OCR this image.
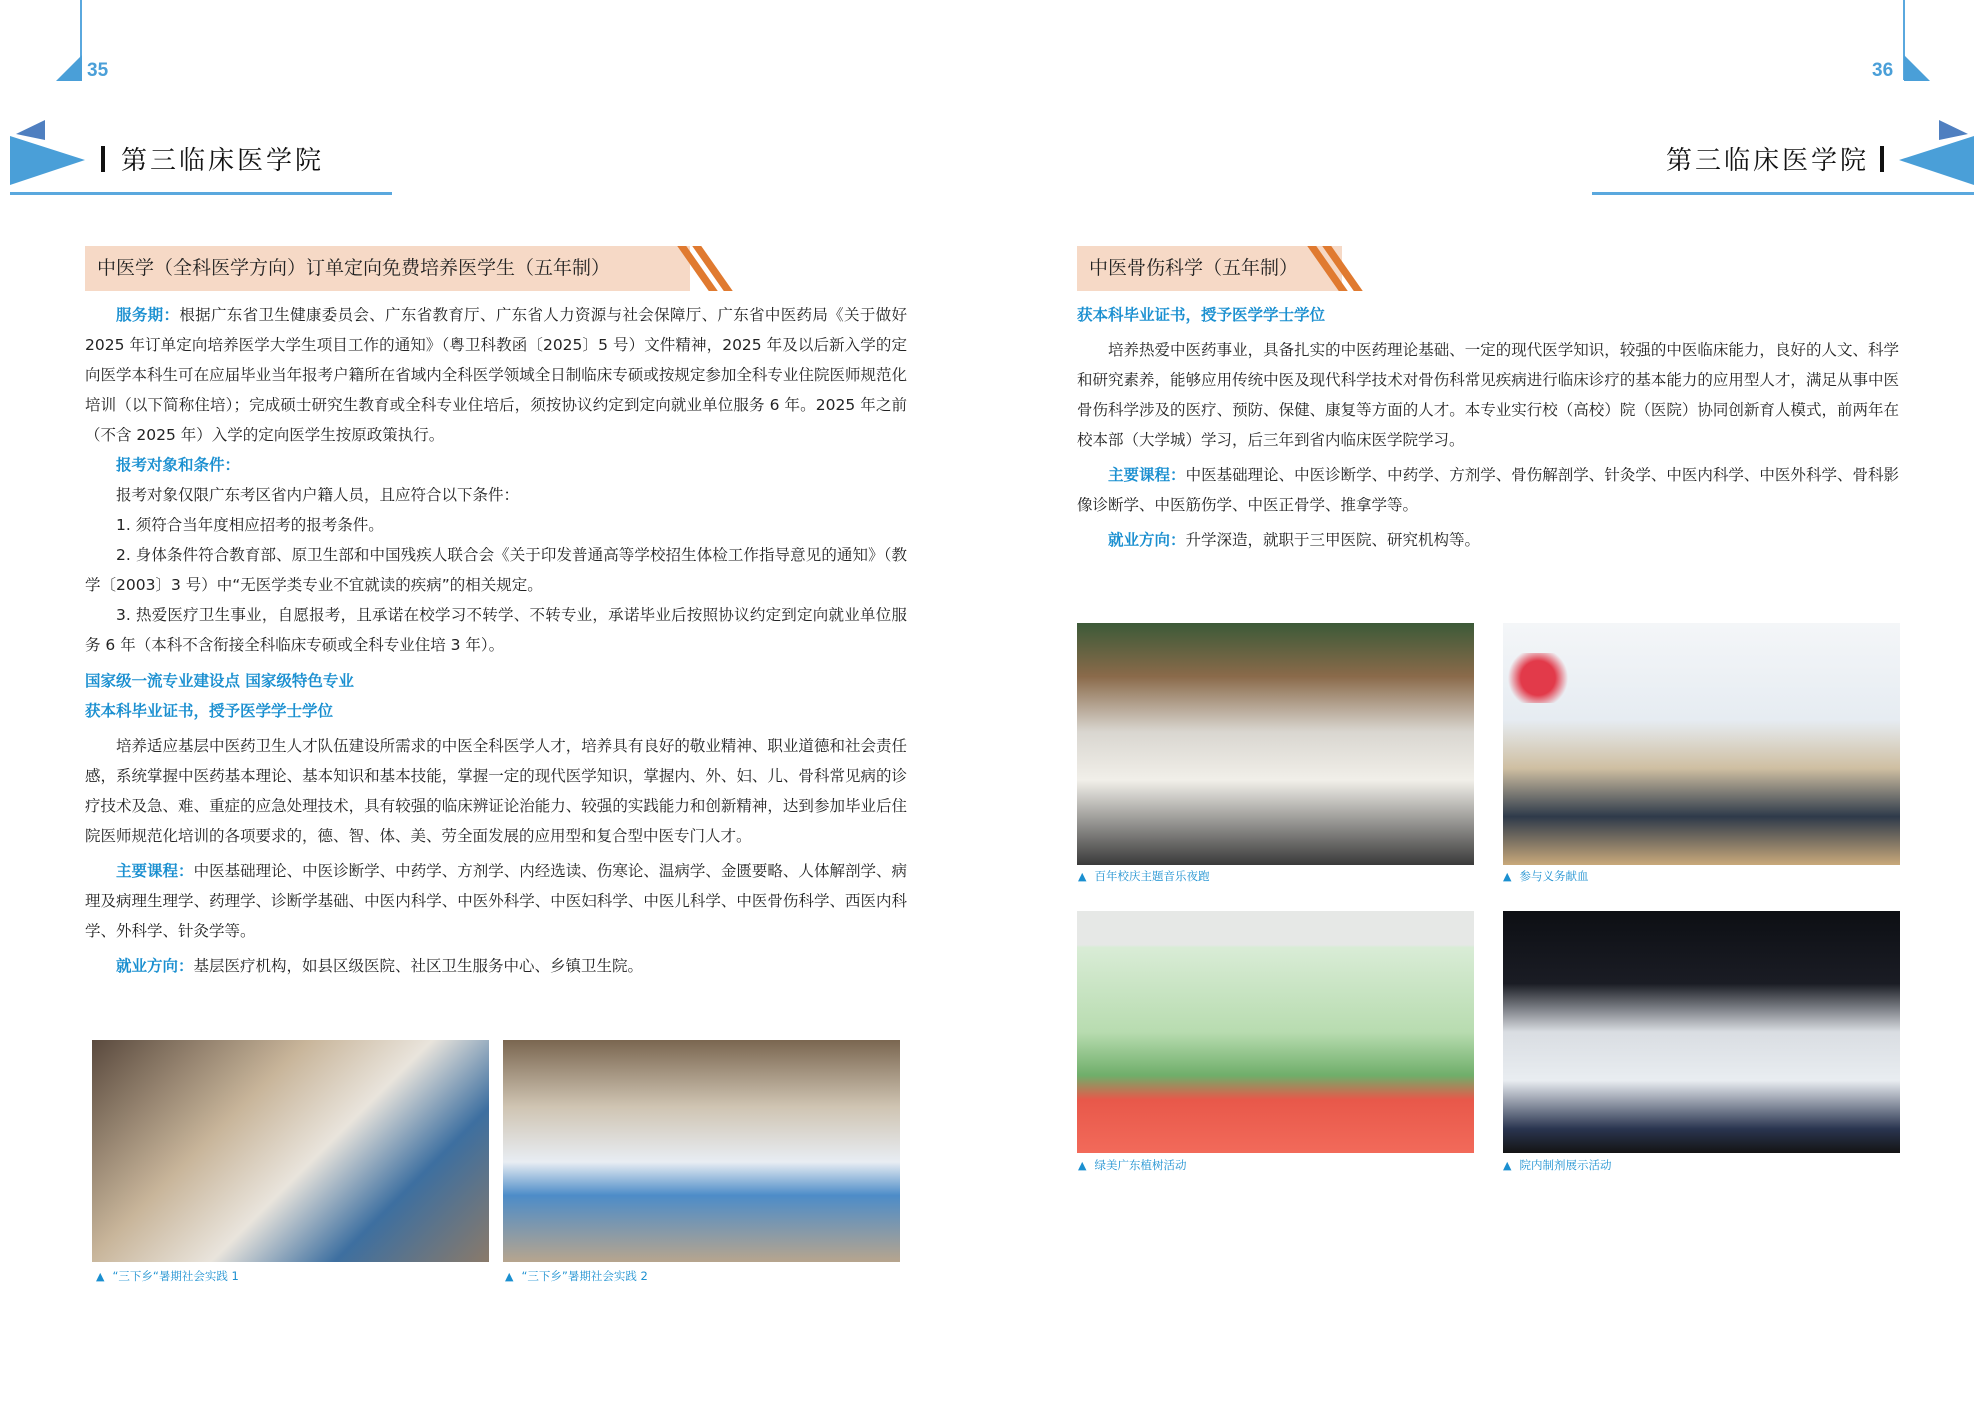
35
第三临床医学院
36
第三临床医学院
中医学（全科医学方向）订单定向免费培养医学生（五年制）

服务期：根据广东省卫生健康委员会、广东省教育厅、广东省人力资源与社会保障厅、广东省中医药局《关于做好 2025 年订单定向培养医学大学生项目工作的通知》（粤卫科教函〔2025〕5 号）文件精神，2025 年及以后新入学的定向医学本科生可在应届毕业当年报考户籍所在省域内全科医学领域全日制临床专硕或按规定参加全科专业住院医师规范化培训（以下简称住培）；完成硕士研究生教育或全科专业住培后，须按协议约定到定向就业单位服务 6 年。2025 年之前（不含 2025 年）入学的定向医学生按原政策执行。

报考对象和条件：

报考对象仅限广东考区省内户籍人员，且应符合以下条件：

1. 须符合当年度相应招考的报考条件。

2. 身体条件符合教育部、原卫生部和中国残疾人联合会《关于印发普通高等学校招生体检工作指导意见的通知》（教学〔2003〕3 号）中“无医学类专业不宜就读的疾病”的相关规定。

3. 热爱医疗卫生事业，自愿报考，且承诺在校学习不转学、不转专业，承诺毕业后按照协议约定到定向就业单位服务 6 年（本科不含衔接全科临床专硕或全科专业住培 3 年）。

国家级一流专业建设点 国家级特色专业

获本科毕业证书，授予医学学士学位

培养适应基层中医药卫生人才队伍建设所需求的中医全科医学人才，培养具有良好的敬业精神、职业道德和社会责任感，系统掌握中医药基本理论、基本知识和基本技能，掌握一定的现代医学知识，掌握内、外、妇、儿、骨科常见病的诊疗技术及急、难、重症的应急处理技术，具有较强的临床辨证论治能力、较强的实践能力和创新精神，达到参加毕业后住院医师规范化培训的各项要求的，德、智、体、美、劳全面发展的应用型和复合型中医专门人才。

主要课程：中医基础理论、中医诊断学、中药学、方剂学、内经选读、伤寒论、温病学、金匮要略、人体解剖学、病理及病理生理学、药理学、诊断学基础、中医内科学、中医外科学、中医妇科学、中医儿科学、中医骨伤科学、西医内科学、外科学、针灸学等。

就业方向：基层医疗机构，如县区级医院、社区卫生服务中心、乡镇卫生院。

▲ “三下乡“暑期社会实践 1	▲ “三下乡”暑期社会实践 2
中医骨伤科学（五年制）

获本科毕业证书，授予医学学士学位

培养热爱中医药事业，具备扎实的中医药理论基础、一定的现代医学知识，较强的中医临床能力，良好的人文、科学和研究素养，能够应用传统中医及现代科学技术对骨伤科常见疾病进行临床诊疗的基本能力的应用型人才，满足从事中医骨伤科学涉及的医疗、预防、保健、康复等方面的人才。本专业实行校（高校）院（医院）协同创新育人模式，前两年在校本部（大学城）学习，后三年到省内临床医学院学习。

主要课程：中医基础理论、中医诊断学、中药学、方剂学、骨伤解剖学、针灸学、中医内科学、中医外科学、骨科影像诊断学、中医筋伤学、中医正骨学、推拿学等。

就业方向：升学深造，就职于三甲医院、研究机构等。

▲ 百年校庆主题音乐夜跑	▲ 参与义务献血
▲ 绿美广东植树活动	▲ 院内制剂展示活动
